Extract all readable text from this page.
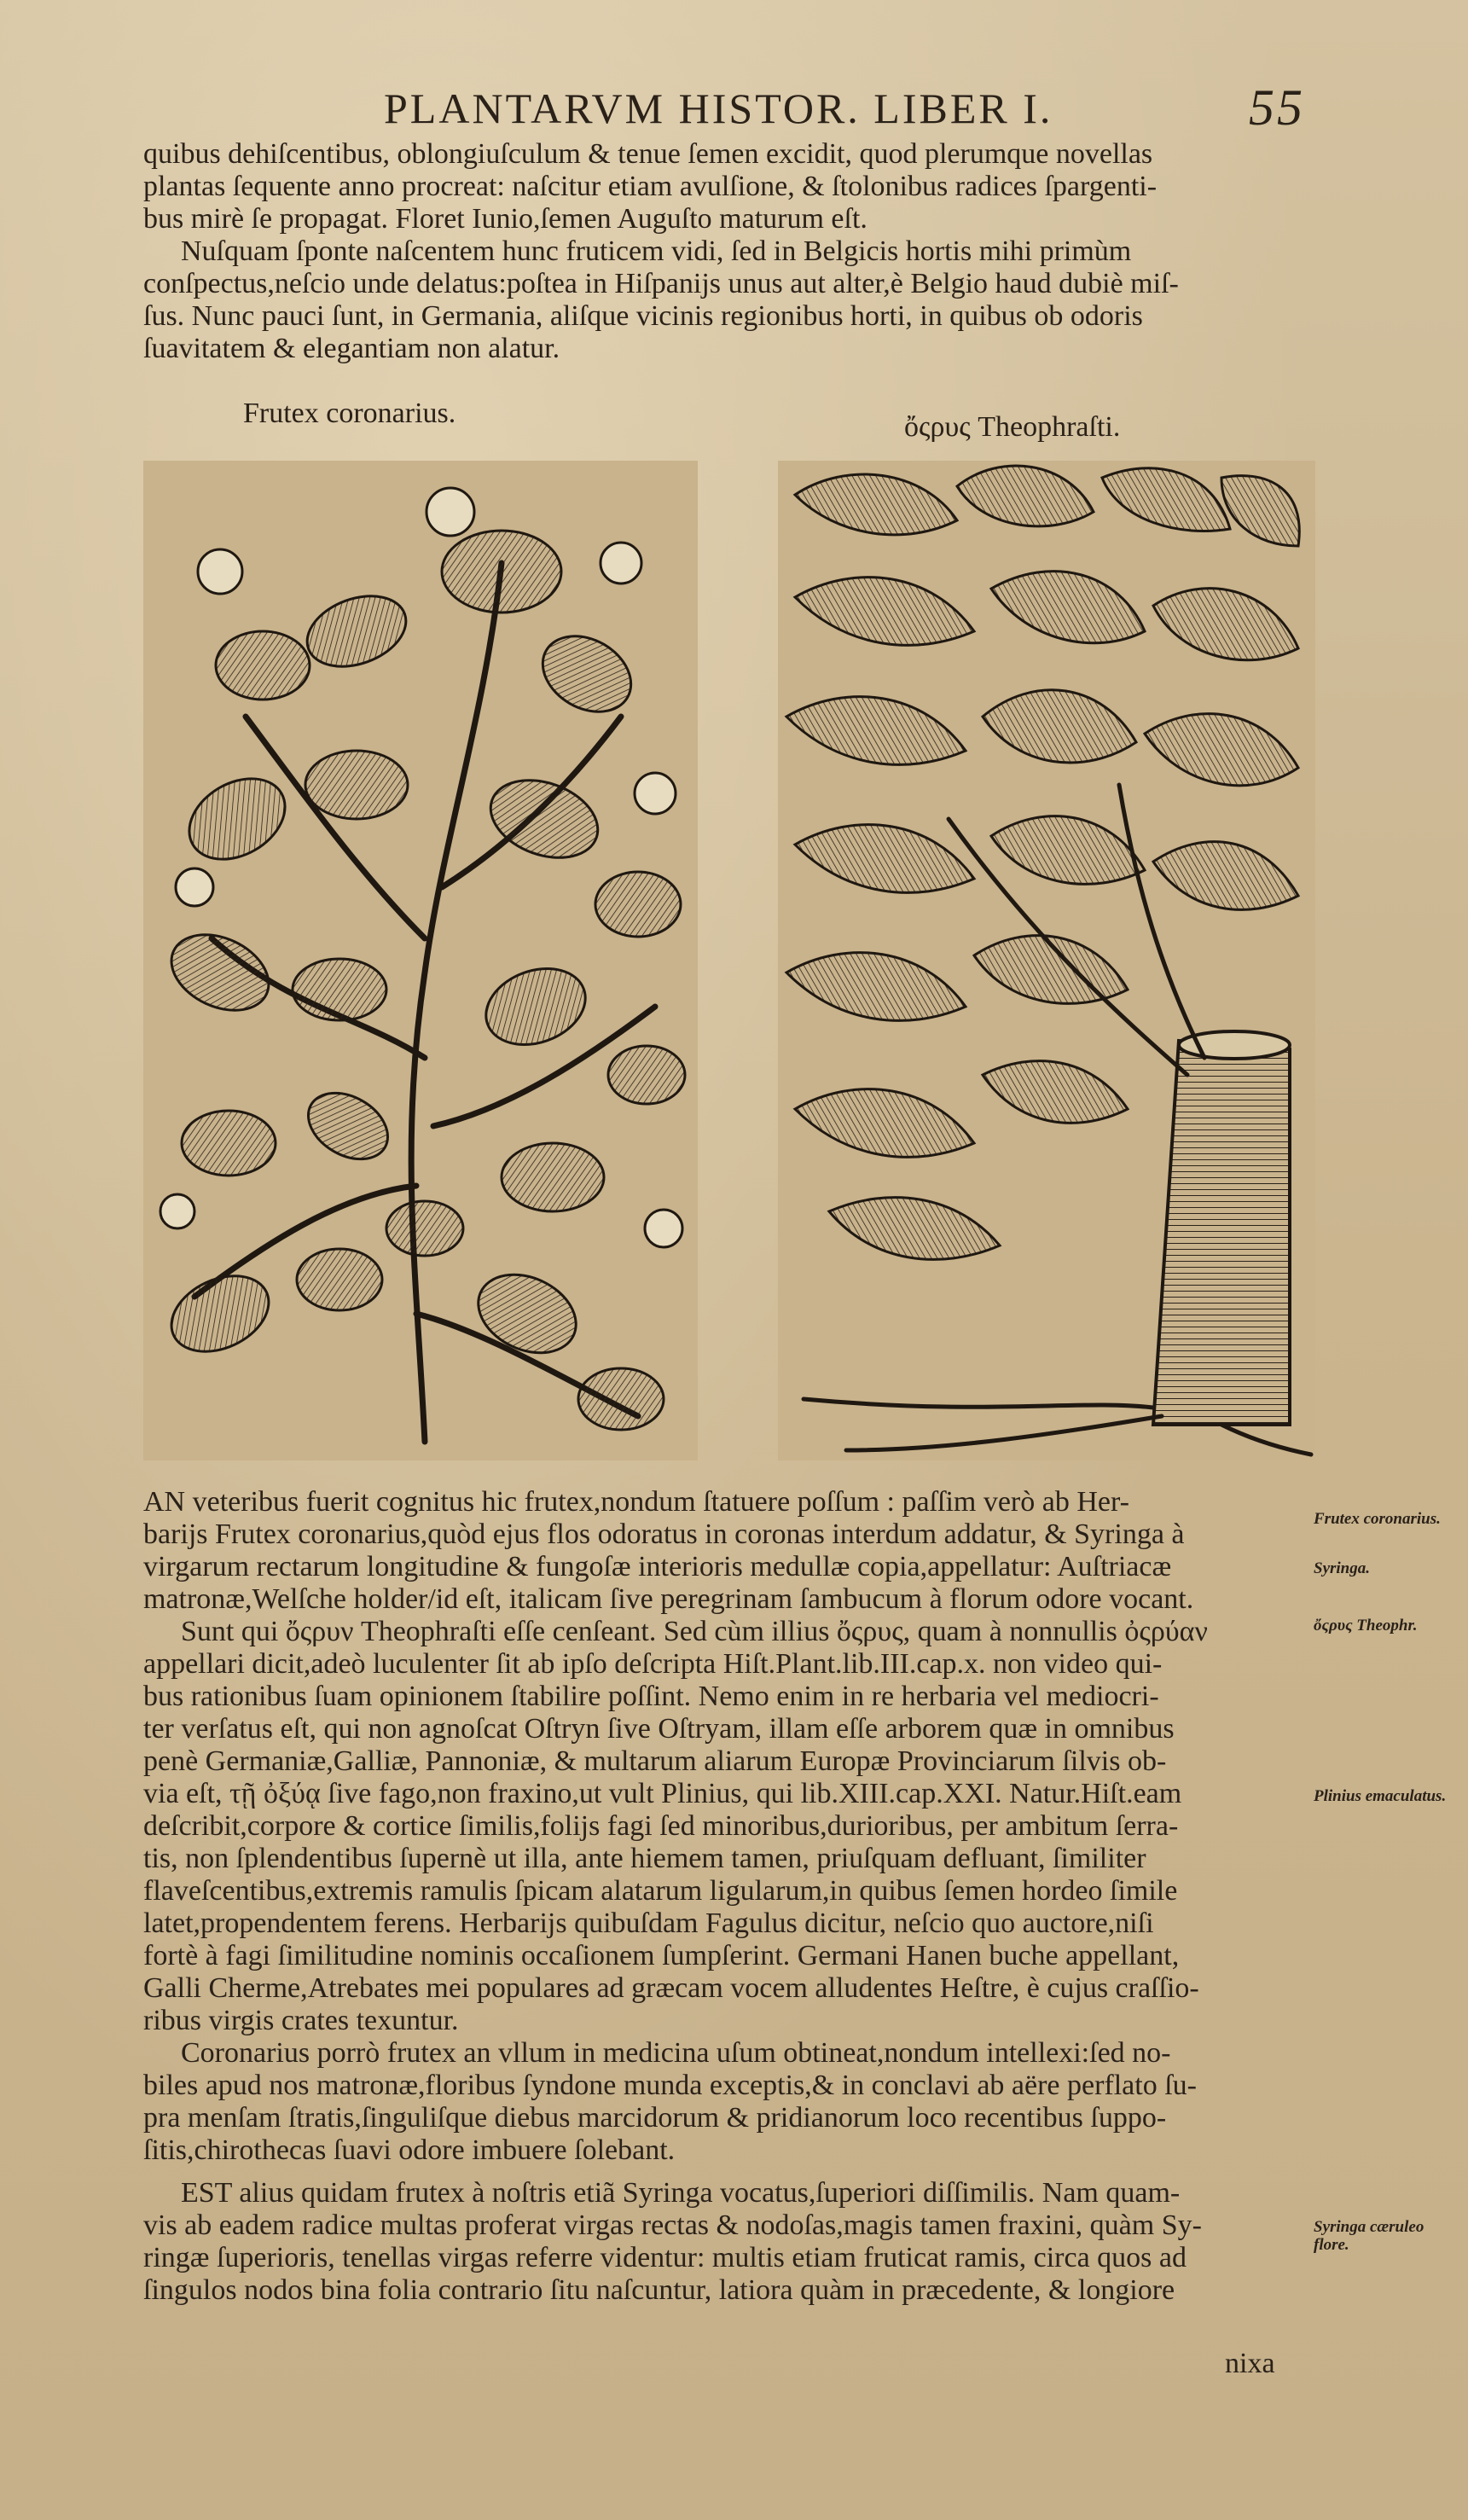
PLANTARVM HISTOR. LIBER I.	55

quibus dehiſcentibus, oblongiuſculum & tenue ſemen excidit, quod plerumque novellas

plantas ſequente anno procreat: naſcitur etiam avulſione, & ſtolonibus radices ſpargenti-

bus mirè ſe propagat. Floret Iunio,ſemen Auguſto maturum eſt.

Nuſquam ſponte naſcentem hunc fruticem vidi, ſed in Belgicis hortis mihi primùm

conſpectus,neſcio unde delatus:poſtea in Hiſpanijs unus aut alter,è Belgio haud dubiè miſ-

ſus. Nunc pauci ſunt, in Germania, aliſque vicinis regionibus horti, in quibus ob odoris

ſuavitatem & elegantiam non alatur.

Frutex coronarius.	ὄςρυς Theophraſti.

AN veteribus fuerit cognitus hic frutex,nondum ſtatuere poſſum : paſſim verò ab Her-

barijs Frutex coronarius,quòd ejus flos odoratus in coronas interdum addatur, & Syringa à

virgarum rectarum longitudine & fungoſæ interioris medullæ copia,appellatur: Auſtriacæ

matronæ,Welſche holder/id eſt, italicam ſive peregrinam ſambucum à florum odore vocant.

Sunt qui ὄςρυν Theophraſti eſſe cenſeant. Sed cùm illius ὄςρυς, quam à nonnullis ὀςρύαν

appellari dicit,adeò luculenter ſit ab ipſo deſcripta Hiſt.Plant.lib.III.cap.x. non video qui-

bus rationibus ſuam opinionem ſtabilire poſſint. Nemo enim in re herbaria vel mediocri-

ter verſatus eſt, qui non agnoſcat Oſtryn ſive Oſtryam, illam eſſe arborem quæ in omnibus

penè Germaniæ,Galliæ, Pannoniæ, & multarum aliarum Europæ Provinciarum ſilvis ob-

via eſt, τῇ ὀξύᾳ ſive fago,non fraxino,ut vult Plinius, qui lib.XIII.cap.XXI. Natur.Hiſt.eam

deſcribit,corpore & cortice ſimilis,folijs fagi ſed minoribus,durioribus, per ambitum ſerra-

tis, non ſplendentibus ſupernè ut illa, ante hiemem tamen, priuſquam defluant, ſimiliter

flaveſcentibus,extremis ramulis ſpicam alatarum ligularum,in quibus ſemen hordeo ſimile

latet,propendentem ferens. Herbarijs quibuſdam Fagulus dicitur, neſcio quo auctore,niſi

fortè à fagi ſimilitudine nominis occaſionem ſumpſerint. Germani Hanen buche appellant,

Galli Cherme,Atrebates mei populares ad græcam vocem alludentes Heſtre, è cujus craſſio-

ribus virgis crates texuntur.

Coronarius porrò frutex an vllum in medicina uſum obtineat,nondum intellexi:ſed no-

biles apud nos matronæ,floribus ſyndone munda exceptis,& in conclavi ab aëre perflato ſu-

pra menſam ſtratis,ſinguliſque diebus marcidorum & pridianorum loco recentibus ſuppo-

ſitis,chirothecas ſuavi odore imbuere ſolebant.

EST alius quidam frutex à noſtris etiã Syringa vocatus,ſuperiori diſſimilis. Nam quam-

vis ab eadem radice multas proferat virgas rectas & nodoſas,magis tamen fraxini, quàm Sy-

ringæ ſuperioris, tenellas virgas referre videntur: multis etiam fruticat ramis, circa quos ad

ſingulos nodos bina folia contrario ſitu naſcuntur, latiora quàm in præcedente, & longiore

nixa
Frutex coronarius.
Syringa.
ὄςρυς Theophr.
Plinius emaculatus.
Syringa cæruleo flore.
